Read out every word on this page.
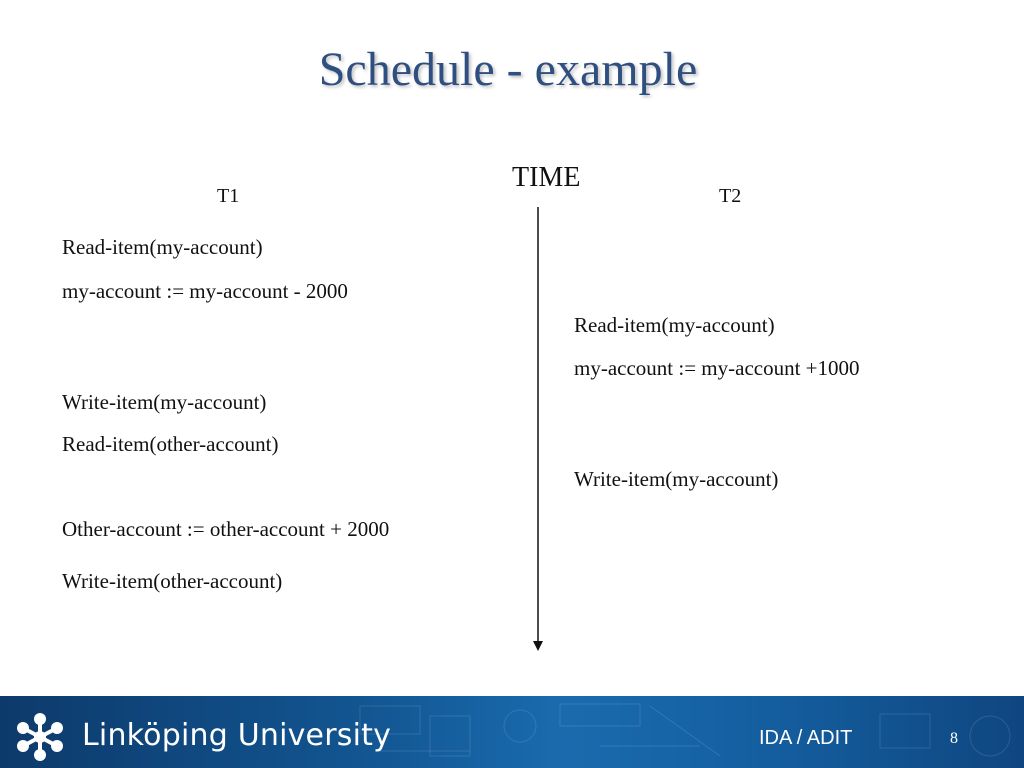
Schedule - example
T1
TIME
T2
Read-item(my-account)
my-account := my-account - 2000
Write-item(my-account)
Read-item(other-account)
Other-account := other-account + 2000
Write-item(other-account)
Read-item(my-account)
my-account := my-account +1000
Write-item(my-account)
Linköping University	IDA / ADIT	8
